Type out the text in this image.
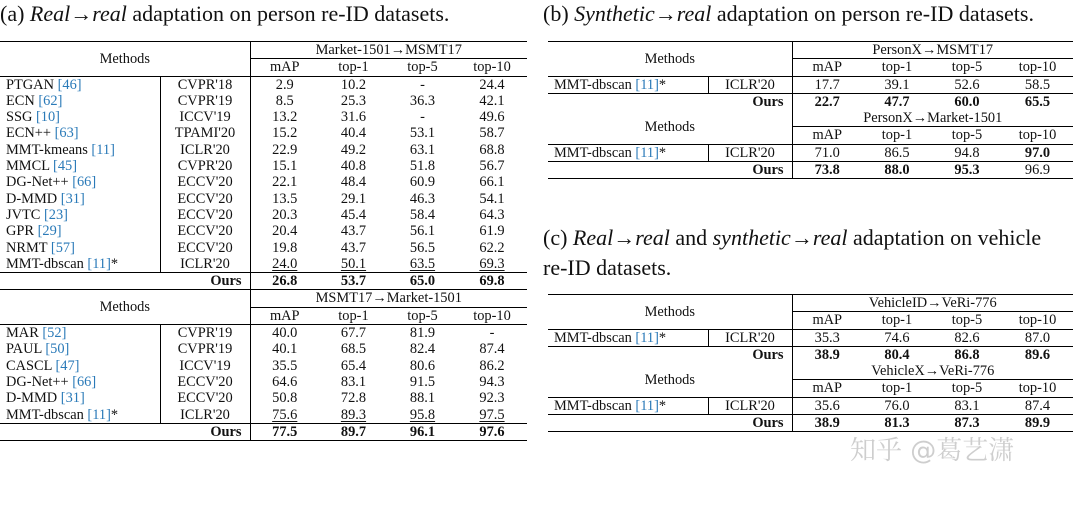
(a) Real→real adaptation on person re-ID datasets.	(b) Synthetic→real adaptation on person re-ID datasets.
(c) Real→real and synthetic→real adaptation on vehicle
re-ID datasets.
Methods		Market-1501→MSMT17			
		mAP	top-1	top-5	top-10
PTGAN [46]	CVPR'18	2.9	10.2	-	24.4
ECN [62]	CVPR'19	8.5	25.3	36.3	42.1
SSG [10]	ICCV'19	13.2	31.6	-	49.6
ECN++ [63]	TPAMI'20	15.2	40.4	53.1	58.7
MMT-kmeans [11]	ICLR'20	22.9	49.2	63.1	68.8
MMCL [45]	CVPR'20	15.1	40.8	51.8	56.7
DG-Net++ [66]	ECCV'20	22.1	48.4	60.9	66.1
D-MMD [31]	ECCV'20	13.5	29.1	46.3	54.1
JVTC [23]	ECCV'20	20.3	45.4	58.4	64.3
GPR [29]	ECCV'20	20.4	43.7	56.1	61.9
NRMT [57]	ECCV'20	19.8	43.7	56.5	62.2
MMT-dbscan [11]*	ICLR'20	24.0	50.1	63.5	69.3
Ours		26.8	53.7	65.0	69.8
Methods		MSMT17→Market-1501			
		mAP	top-1	top-5	top-10
MAR [52]	CVPR'19	40.0	67.7	81.9	-
PAUL [50]	CVPR'19	40.1	68.5	82.4	87.4
CASCL [47]	ICCV'19	35.5	65.4	80.6	86.2
DG-Net++ [66]	ECCV'20	64.6	83.1	91.5	94.3
D-MMD [31]	ECCV'20	50.8	72.8	88.1	92.3
MMT-dbscan [11]*	ICLR'20	75.6	89.3	95.8	97.5
Ours		77.5	89.7	96.1	97.6
Methods		PersonX→MSMT17			
		mAP	top-1	top-5	top-10
MMT-dbscan [11]*	ICLR'20	17.7	39.1	52.6	58.5
Ours		22.7	47.7	60.0	65.5
Methods		PersonX→Market-1501			
		mAP	top-1	top-5	top-10
MMT-dbscan [11]*	ICLR'20	71.0	86.5	94.8	97.0
Ours		73.8	88.0	95.3	96.9
Methods		VehicleID→VeRi-776			
		mAP	top-1	top-5	top-10
MMT-dbscan [11]*	ICLR'20	35.3	74.6	82.6	87.0
Ours		38.9	80.4	86.8	89.6
Methods		VehicleX→VeRi-776			
		mAP	top-1	top-5	top-10
MMT-dbscan [11]*	ICLR'20	35.6	76.0	83.1	87.4
Ours		38.9	81.3	87.3	89.9
知乎 @葛艺潇
